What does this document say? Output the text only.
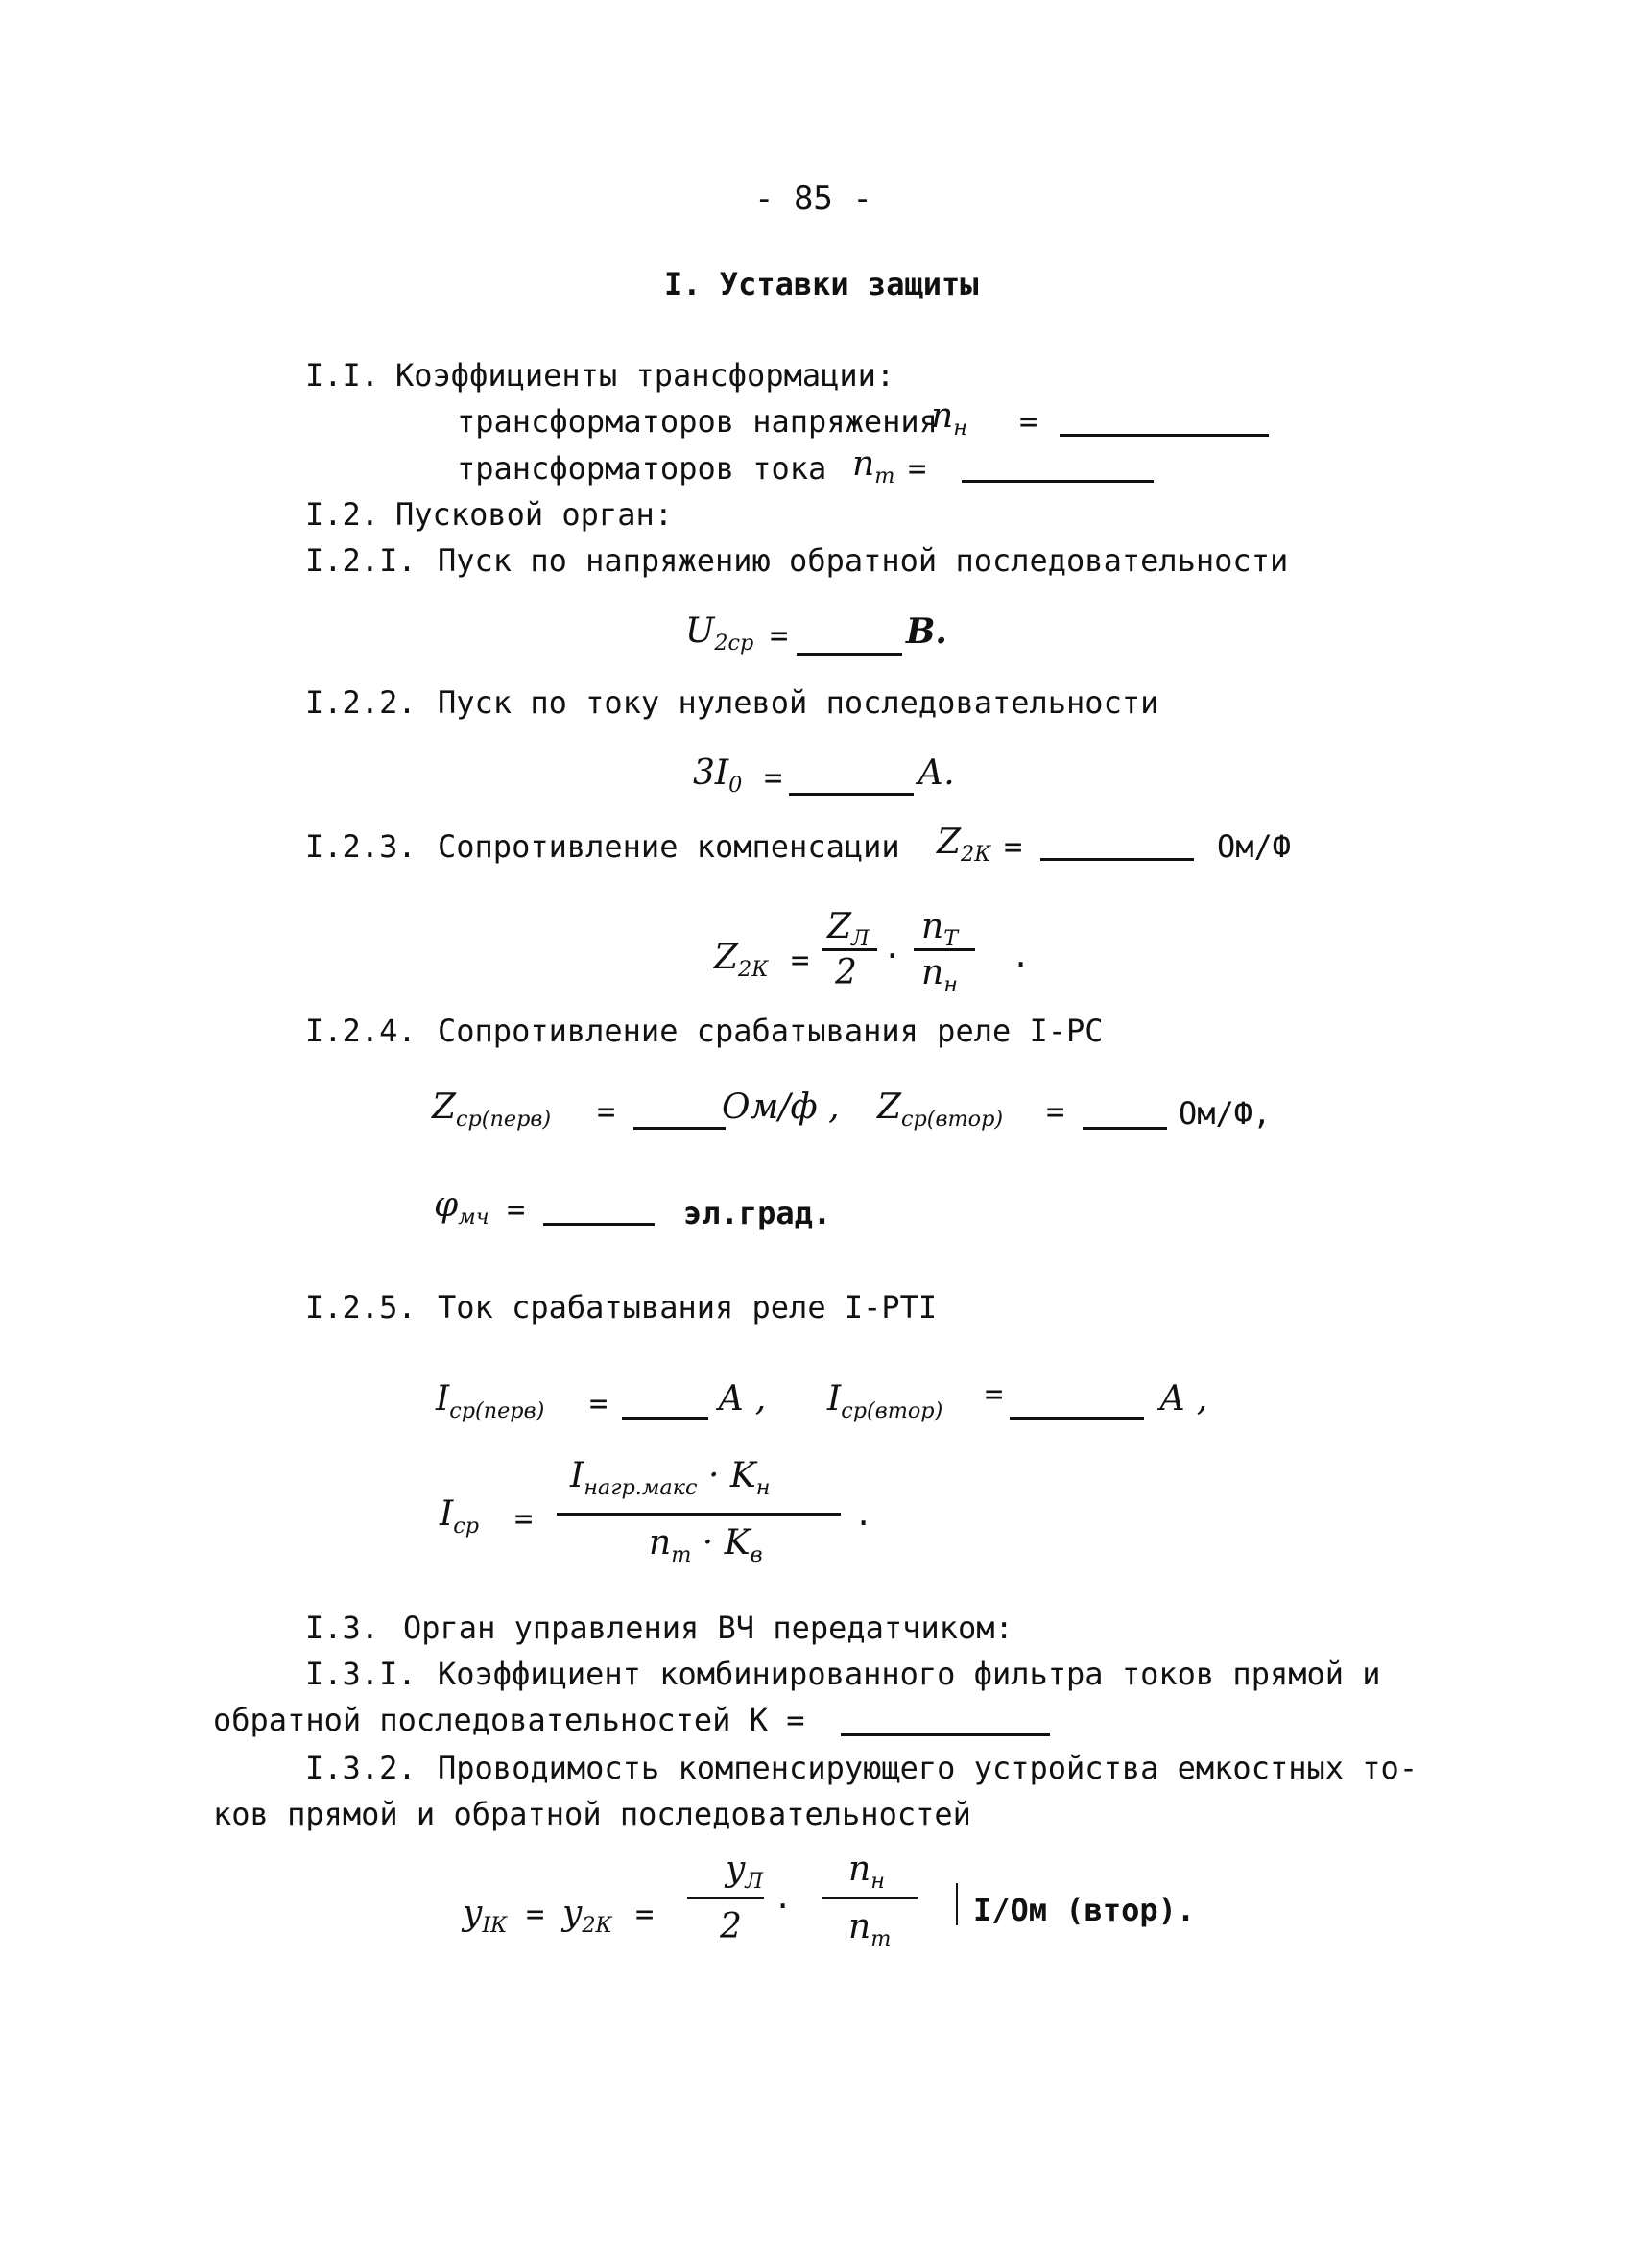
- 85 -
I. Уставки защиты
I.I. Коэффициенты трансформации:
трансформаторов напряжения
$n_н$ =
трансформаторов тока $n_т$ =
I.2. Пусковой орган:
I.2.I. Пуск по напряжению обратной последовательности
$U_{2ср}$ =	В.
I.2.2. Пуск по току нулевой последовательности
$3I_0$ =	А.
I.2.3. Сопротивление компенсации $Z_{2К}$ =	Ом/Ф
$Z_{2К}$ =
$Z_Л$
2 ·
$n_Т$
$n_н$
.
I.2.4. Сопротивление срабатывания реле I-РС
$Z_{ср(перв)}$ =	Ом/ф , $Z_{ср(втор)}$ =	Ом/Ф,
$\varphi_{мч}$ =	эл.град.
I.2.5. Ток срабатывания реле I-PTI
$I_{ср(перв)}$ =	А , $I_{ср(втор)}$ =	А ,
$I_{ср}$ =
$I_{нагр.макс} \cdot K_н$
$n_т \cdot K_в$
.
I.3. Орган управления ВЧ передатчиком:
I.3.I. Коэффициент комбинированного фильтра токов прямой и
обратной последовательностей К =
I.3.2. Проводимость компенсирующего устройства емкостных то-
ков прямой и обратной последовательностей
$y_{IК} = y_{2К}$ =
$y_Л$
2
·
$n_н$
$n_т$
I/Ом (втор).
